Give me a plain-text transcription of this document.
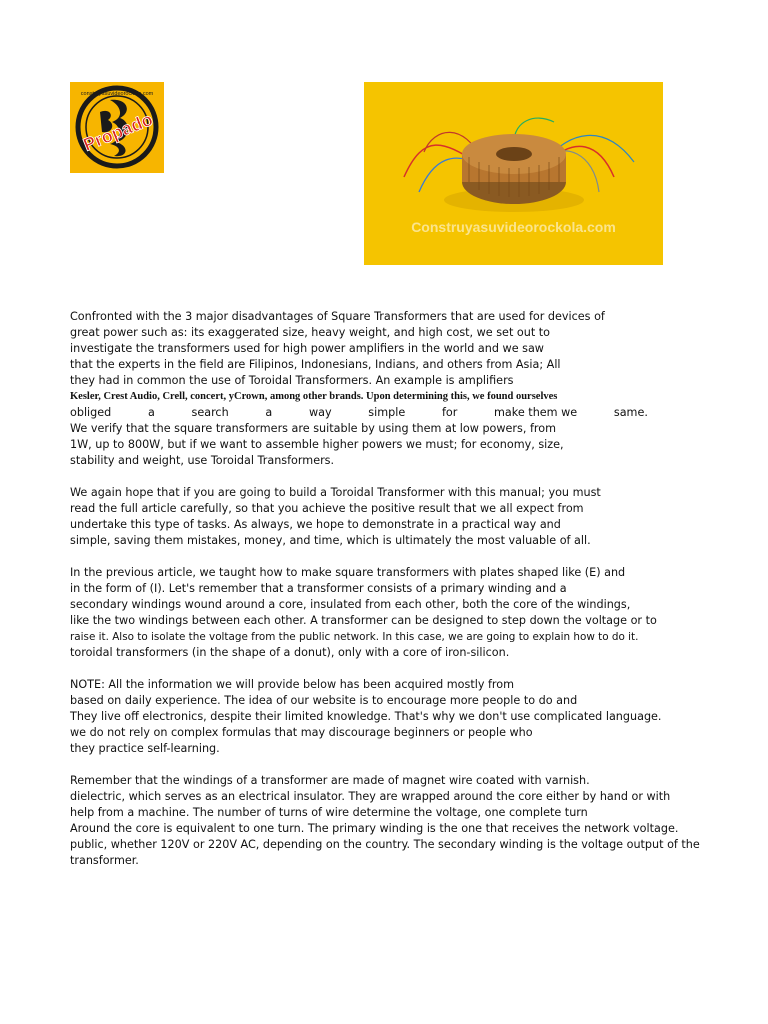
Propado
construyasuvideorockola.com
Construyasuvideorockola.com
Confronted with the 3 major disadvantages of Square Transformers that are used for devices of
great power such as: its exaggerated size, heavy weight, and high cost, we set out to
investigate the transformers used for high power amplifiers in the world and we saw
that the experts in the field are Filipinos, Indonesians, Indians, and others from Asia; All
they had in common the use of Toroidal Transformers. An example is amplifiers
Kesler, Crest Audio, Crell, concert, yCrown, among other brands. Upon determining this, we found ourselves
obliged	a	search	a	way	simple	for	make them we	same.
We verify that the square transformers are suitable by using them at low powers, from
1W, up to 800W, but if we want to assemble higher powers we must; for economy, size,
stability and weight, use Toroidal Transformers.
We again hope that if you are going to build a Toroidal Transformer with this manual; you must
read the full article carefully, so that you achieve the positive result that we all expect from
undertake this type of tasks. As always, we hope to demonstrate in a practical way and
simple, saving them mistakes, money, and time, which is ultimately the most valuable of all.
In the previous article, we taught how to make square transformers with plates shaped like (E) and
in the form of (I). Let's remember that a transformer consists of a primary winding and a
secondary windings wound around a core, insulated from each other, both the core of the windings,
like the two windings between each other. A transformer can be designed to step down the voltage or to
raise it. Also to isolate the voltage from the public network. In this case, we are going to explain how to do it.
toroidal transformers (in the shape of a donut), only with a core of iron-silicon.
NOTE: All the information we will provide below has been acquired mostly from
based on daily experience. The idea of our website is to encourage more people to do and
They live off electronics, despite their limited knowledge. That's why we don't use complicated language.
we do not rely on complex formulas that may discourage beginners or people who
they practice self-learning.
Remember that the windings of a transformer are made of magnet wire coated with varnish.
dielectric, which serves as an electrical insulator. They are wrapped around the core either by hand or with
help from a machine. The number of turns of wire determine the voltage, one complete turn
Around the core is equivalent to one turn. The primary winding is the one that receives the network voltage.
public, whether 120V or 220V AC, depending on the country. The secondary winding is the voltage output of the
transformer.
